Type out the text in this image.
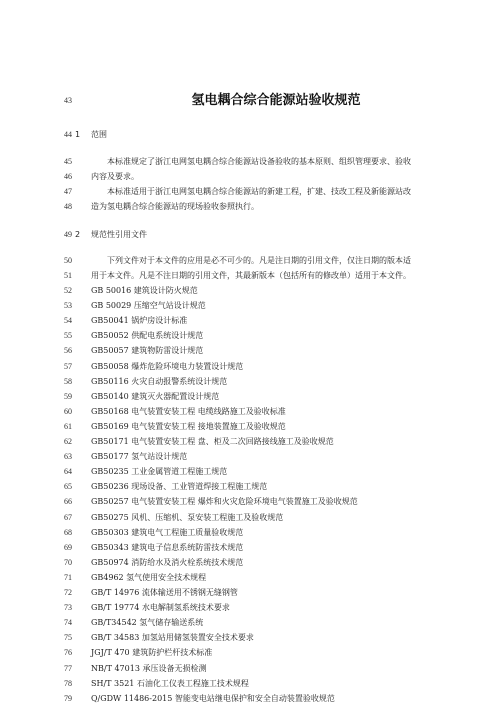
43	氢电耦合综合能源站验收规范
44 1 范围
45	本标准规定了浙江电网氢电耦合综合能源站设备验收的基本原则、组织管理要求、验收
46 内容及要求。
47	本标准适用于浙江电网氢电耦合综合能源站的新建工程，扩建、技改工程及新能源站改
48 造为氢电耦合综合能源站的现场验收参照执行。
49 2 规范性引用文件
50	下列文件对于本文件的应用是必不可少的。凡是注日期的引用文件，仅注日期的版本适
51 用于本文件。凡是不注日期的引用文件，其最新版本（包括所有的修改单）适用于本文件。
52 GB 50016 建筑设计防火规范
53 GB 50029 压缩空气站设计规范
54 GB50041 锅炉房设计标准
55 GB50052 供配电系统设计规范
56 GB50057 建筑物防雷设计规范
57 GB50058 爆炸危险环境电力装置设计规范
58 GB50116 火灾自动报警系统设计规范
59 GB50140 建筑灭火器配置设计规范
60 GB50168 电气装置安装工程 电缆线路施工及验收标准
61 GB50169 电气装置安装工程 接地装置施工及验收规范
62 GB50171 电气装置安装工程 盘、柜及二次回路接线施工及验收规范
63 GB50177 氢气站设计规范
64 GB50235 工业金属管道工程施工规范
65 GB50236 现场设备、工业管道焊接工程施工规范
66 GB50257 电气装置安装工程 爆炸和火灾危险环境电气装置施工及验收规范
67 GB50275 风机、压缩机、泵安装工程施工及验收规范
68 GB50303 建筑电气工程施工质量验收规范
69 GB50343 建筑电子信息系统防雷技术规范
70 GB50974 消防给水及消火栓系统技术规范
71 GB4962 氢气使用安全技术规程
72 GB/T 14976 流体输送用不锈钢无缝钢管
73 GB/T 19774 水电解制氢系统技术要求
74 GB/T34542 氢气储存输送系统
75 GB/T 34583 加氢站用储氢装置安全技术要求
76 JGJ/T 470 建筑防护栏杆技术标准
77 NB/T 47013 承压设备无损检测
78 SH/T 3521 石油化工仪表工程施工技术规程
79 Q/GDW 11486-2015 智能变电站继电保护和安全自动装置验收规范
